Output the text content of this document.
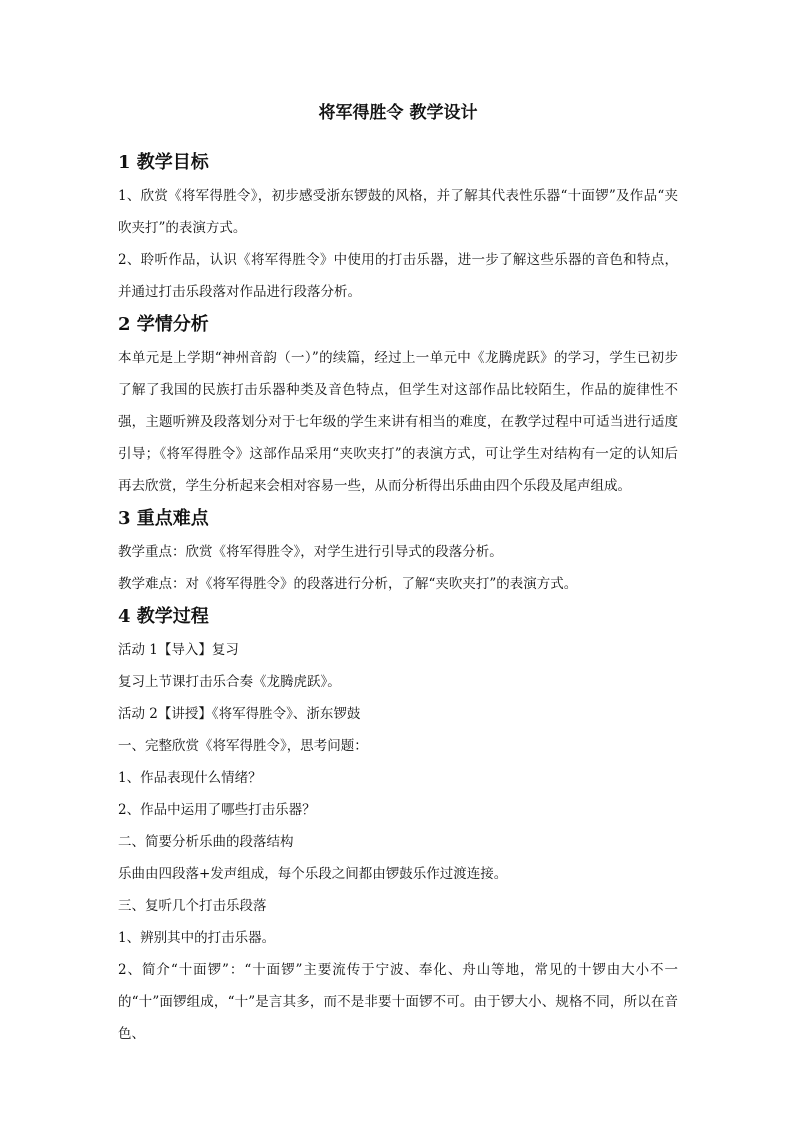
将军得胜令 教学设计
1 教学目标

1、欣赏《将军得胜令》，初步感受浙东锣鼓的风格，并了解其代表性乐器“十面锣”及作品“夹吹夹打”的表演方式。

2、聆听作品，认识《将军得胜令》中使用的打击乐器，进一步了解这些乐器的音色和特点，并通过打击乐段落对作品进行段落分析。

2 学情分析

本单元是上学期“神州音韵（一）”的续篇，经过上一单元中《龙腾虎跃》的学习，学生已初步了解了我国的民族打击乐器种类及音色特点，但学生对这部作品比较陌生，作品的旋律性不强，主题听辨及段落划分对于七年级的学生来讲有相当的难度，在教学过程中可适当进行适度引导；《将军得胜令》这部作品采用“夹吹夹打”的表演方式，可让学生对结构有一定的认知后再去欣赏，学生分析起来会相对容易一些，从而分析得出乐曲由四个乐段及尾声组成。

3 重点难点

教学重点：欣赏《将军得胜令》，对学生进行引导式的段落分析。

教学难点：对《将军得胜令》的段落进行分析，了解“夹吹夹打”的表演方式。

4 教学过程

活动 1【导入】复习

复习上节课打击乐合奏《龙腾虎跃》。

活动 2【讲授】《将军得胜令》、浙东锣鼓

一、完整欣赏《将军得胜令》，思考问题：

1、作品表现什么情绪？

2、作品中运用了哪些打击乐器？

二、简要分析乐曲的段落结构

乐曲由四段落+发声组成，每个乐段之间都由锣鼓乐作过渡连接。

三、复听几个打击乐段落

1、辨别其中的打击乐器。

2、简介“十面锣”：“十面锣”主要流传于宁波、奉化、舟山等地，常见的十锣由大小不一的“十”面锣组成，“十”是言其多，而不是非要十面锣不可。由于锣大小、规格不同，所以在音色、
